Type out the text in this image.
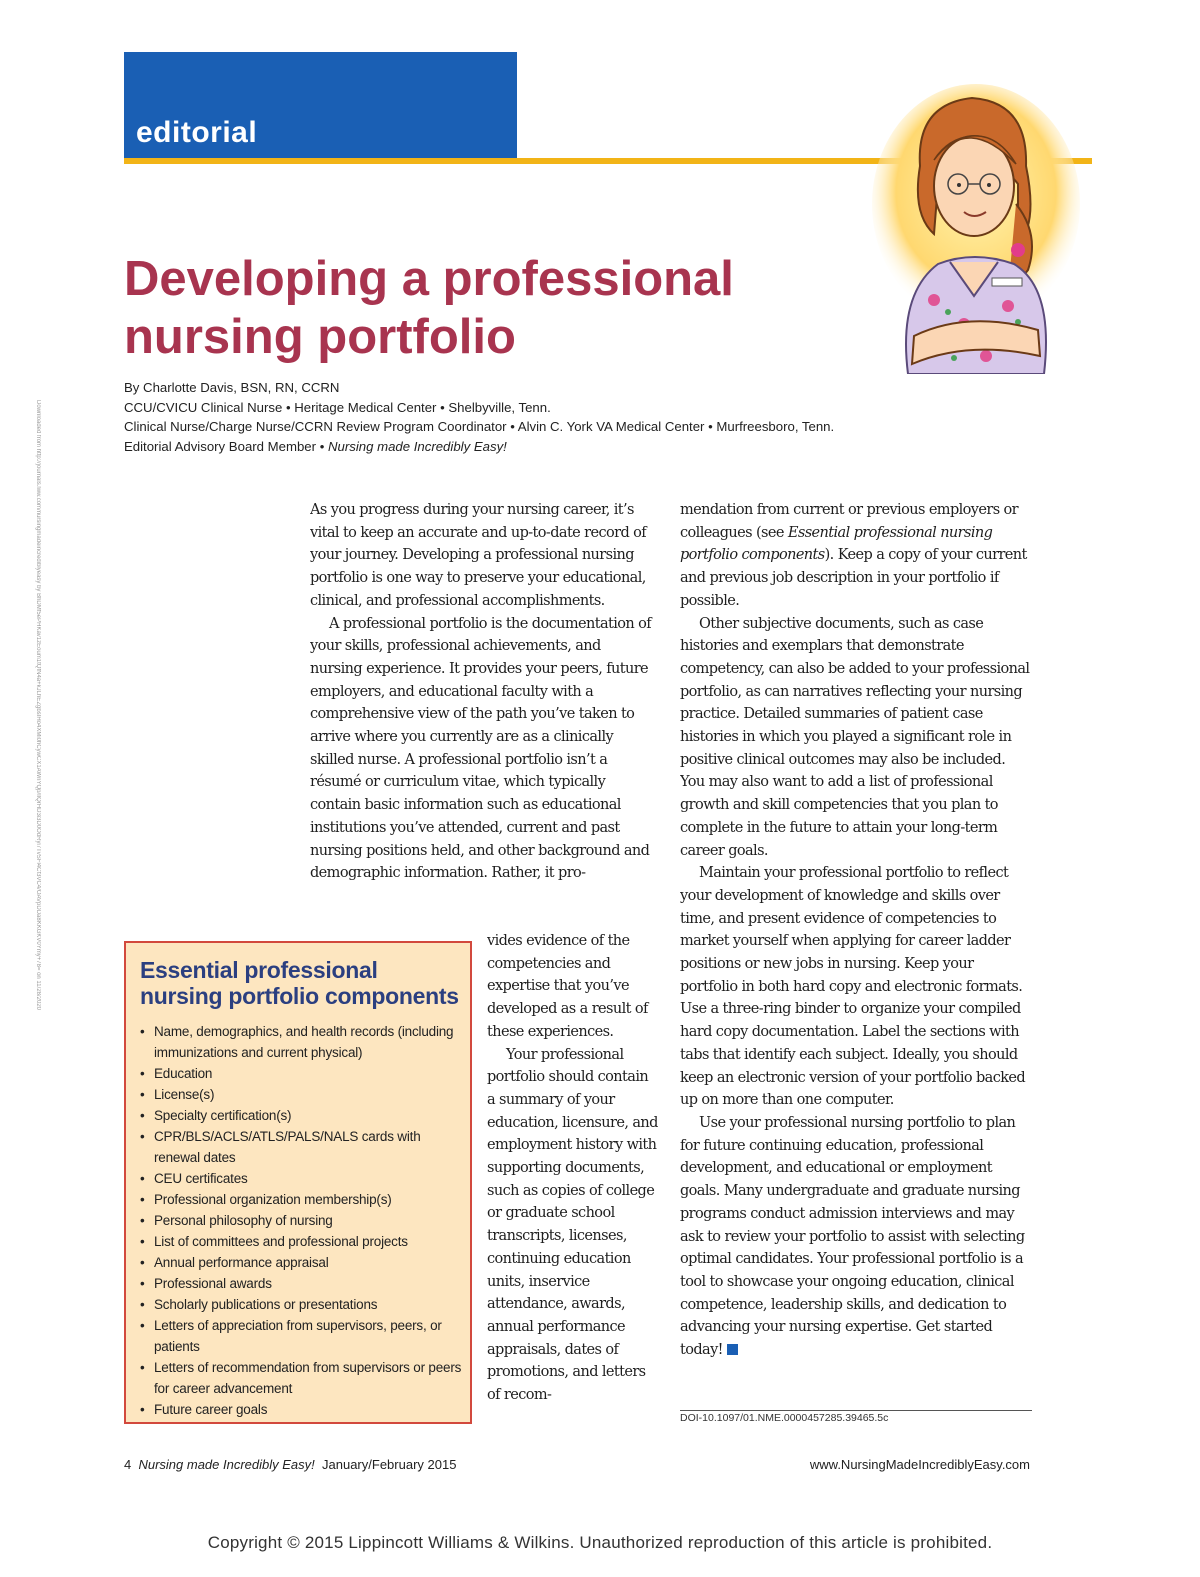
editorial
Developing a professional nursing portfolio
By Charlotte Davis, BSN, RN, CCRN
CCU/CVICU Clinical Nurse • Heritage Medical Center • Shelbyville, Tenn.
Clinical Nurse/Charge Nurse/CCRN Review Program Coordinator • Alvin C. York VA Medical Center • Murfreesboro, Tenn.
Editorial Advisory Board Member • Nursing made Incredibly Easy!
Downloaded from http://journals.lww.com/nursingmadeincrediblyeasy by BhDMf5ePHKav1zEoum1tQfN4a+kJLhEZgbsIHo4XMi0hCywCX1AWnYQp/IlQrHD3i3D0OdRyi7TvSFl4Cf3VC4/OAVpDDa8KKGKV0Ymy+78= on 11/28/2020	As you progress during your nursing career, it’s vital to keep an accurate and up-to-date record of your journey. Developing a professional nursing portfolio is one way to preserve your educational, clinical, and professional accomplishments.

A professional portfolio is the documentation of your skills, professional achievements, and nursing experience. It provides your peers, future employers, and educational faculty with a comprehensive view of the path you’ve taken to arrive where you currently are as a clinically skilled nurse. A professional portfolio isn’t a résumé or curriculum vitae, which typically contain basic information such as educational institutions you’ve attended, current and past nursing positions held, and other background and demographic information. Rather, it pro-

vides evidence of the competencies and expertise that you’ve developed as a result of these experiences.

Your professional portfolio should contain a summary of your education, licensure, and employment history with supporting documents, such as copies of college or graduate school transcripts, licenses, continuing education units, inservice attendance, awards, annual performance appraisals, dates of promotions, and letters of recom-

mendation from current or previous employers or colleagues (see Essential professional nursing portfolio components). Keep a copy of your current and previous job description in your portfolio if possible.

Other subjective documents, such as case histories and exemplars that demonstrate competency, can also be added to your professional portfolio, as can narratives reflecting your nursing practice. Detailed summaries of patient case histories in which you played a significant role in positive clinical outcomes may also be included. You may also want to add a list of professional growth and skill competencies that you plan to complete in the future to attain your long-term career goals.

Maintain your professional portfolio to reflect your development of knowledge and skills over time, and present evidence of competencies to market yourself when applying for career ladder positions or new jobs in nursing. Keep your portfolio in both hard copy and electronic formats. Use a three-ring binder to organize your compiled hard copy documentation. Label the sections with tabs that identify each subject. Ideally, you should keep an electronic version of your portfolio backed up on more than one computer.

Use your professional nursing portfolio to plan for future continuing education, professional development, and educational or employment goals. Many undergraduate and graduate nursing programs conduct admission interviews and may ask to review your portfolio to assist with selecting optimal candidates. Your professional portfolio is a tool to showcase your ongoing education, clinical competence, leadership skills, and dedication to advancing your nursing expertise. Get started today!

Essential professional nursing portfolio components
• Name, demographics, and health records (including immunizations and current physical)
• Education
• License(s)
• Specialty certification(s)
• CPR/BLS/ACLS/ATLS/PALS/NALS cards with renewal dates
• CEU certificates
• Professional organization membership(s)
• Personal philosophy of nursing
• List of committees and professional projects
• Annual performance appraisal
• Professional awards
• Scholarly publications or presentations
• Letters of appreciation from supervisors, peers, or patients
• Letters of recommendation from supervisors or peers for career advancement
• Future career goals
DOI-10.1097/01.NME.0000457285.39465.5c
4 Nursing made Incredibly Easy! January/February 2015	www.NursingMadeIncrediblyEasy.com
Copyright © 2015 Lippincott Williams & Wilkins. Unauthorized reproduction of this article is prohibited.
